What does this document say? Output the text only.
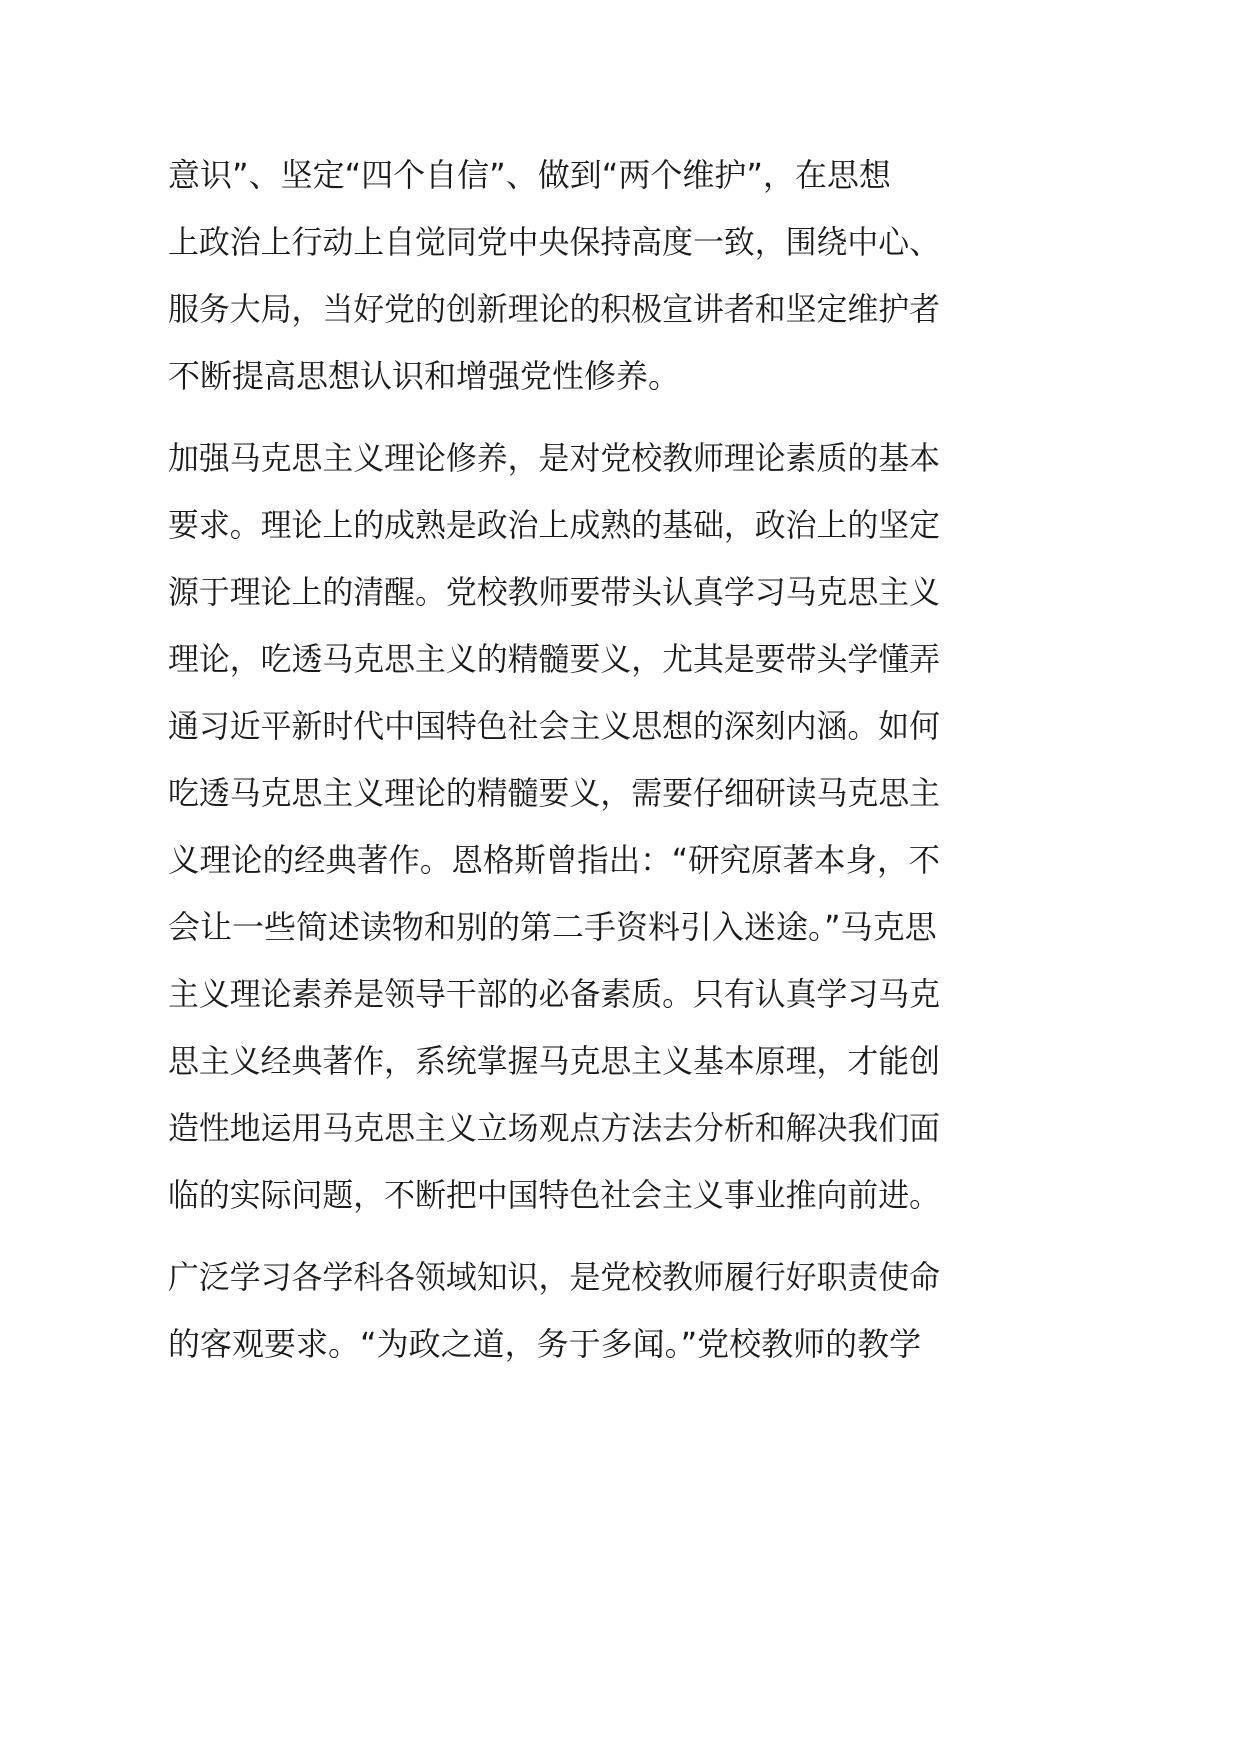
意识”、坚定“四个自信”、做到“两个维护”，在思想
上政治上行动上自觉同党中央保持高度一致，围绕中心、
服务大局，当好党的创新理论的积极宣讲者和坚定维护者
不断提高思想认识和增强党性修养。
加强马克思主义理论修养，是对党校教师理论素质的基本
要求。理论上的成熟是政治上成熟的基础，政治上的坚定
源于理论上的清醒。党校教师要带头认真学习马克思主义
理论，吃透马克思主义的精髓要义，尤其是要带头学懂弄
通习近平新时代中国特色社会主义思想的深刻内涵。如何
吃透马克思主义理论的精髓要义，需要仔细研读马克思主
义理论的经典著作。恩格斯曾指出：“研究原著本身，不
会让一些简述读物和别的第二手资料引入迷途。”马克思
主义理论素养是领导干部的必备素质。只有认真学习马克
思主义经典著作，系统掌握马克思主义基本原理，才能创
造性地运用马克思主义立场观点方法去分析和解决我们面
临的实际问题，不断把中国特色社会主义事业推向前进。
广泛学习各学科各领域知识，是党校教师履行好职责使命
的客观要求。“为政之道，务于多闻。”党校教师的教学
